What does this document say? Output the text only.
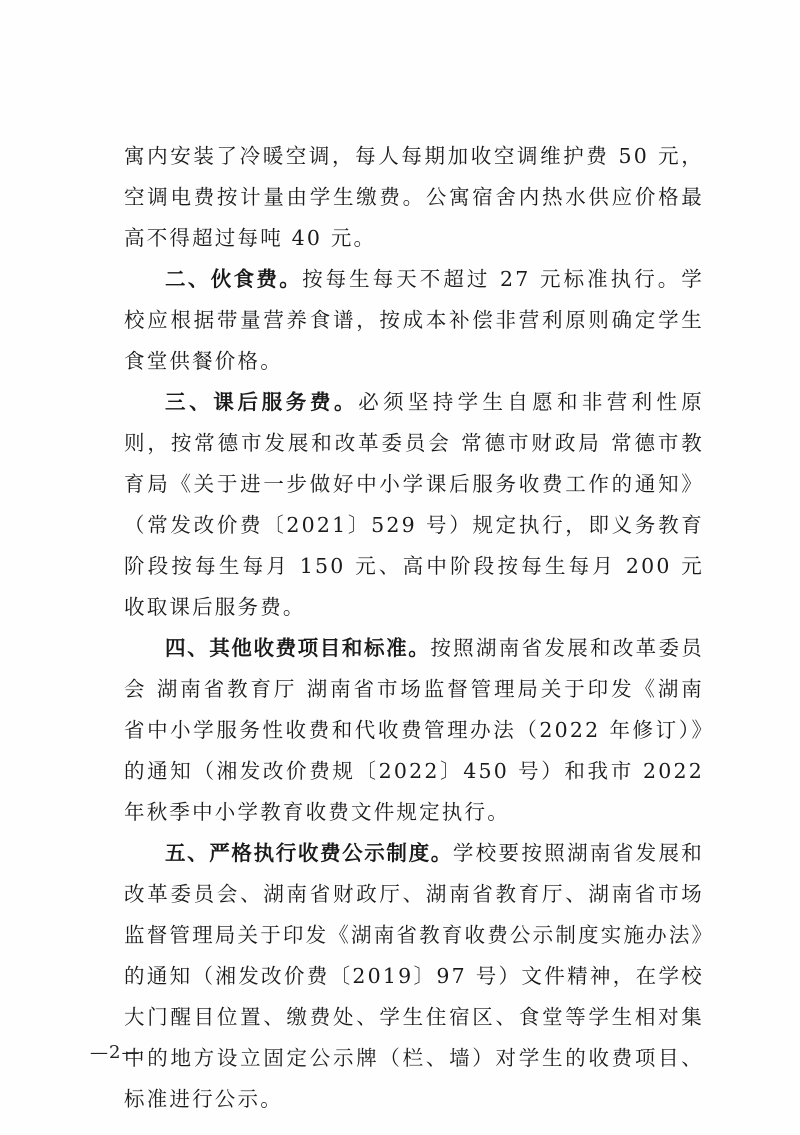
寓内安装了冷暖空调，每人每期加收空调维护费 50 元，空调电费按计量由学生缴费。公寓宿舍内热水供应价格最高不得超过每吨 40 元。

二、伙食费。按每生每天不超过 27 元标准执行。学校应根据带量营养食谱，按成本补偿非营利原则确定学生食堂供餐价格。

三、课后服务费。必须坚持学生自愿和非营利性原则，按常德市发展和改革委员会 常德市财政局 常德市教育局《关于进一步做好中小学课后服务收费工作的通知》（常发改价费〔2021〕529 号）规定执行，即义务教育阶段按每生每月 150 元、高中阶段按每生每月 200 元收取课后服务费。

四、其他收费项目和标准。按照湖南省发展和改革委员会 湖南省教育厅 湖南省市场监督管理局关于印发《湖南省中小学服务性收费和代收费管理办法（2022 年修订）》的通知（湘发改价费规〔2022〕450 号）和我市 2022 年秋季中小学教育收费文件规定执行。

五、严格执行收费公示制度。学校要按照湖南省发展和改革委员会、湖南省财政厅、湖南省教育厅、湖南省市场监督管理局关于印发《湖南省教育收费公示制度实施办法》的通知（湘发改价费〔2019〕97 号）文件精神，在学校大门醒目位置、缴费处、学生住宿区、食堂等学生相对集中的地方设立固定公示牌（栏、墙）对学生的收费项目、标准进行公示。

—2—
